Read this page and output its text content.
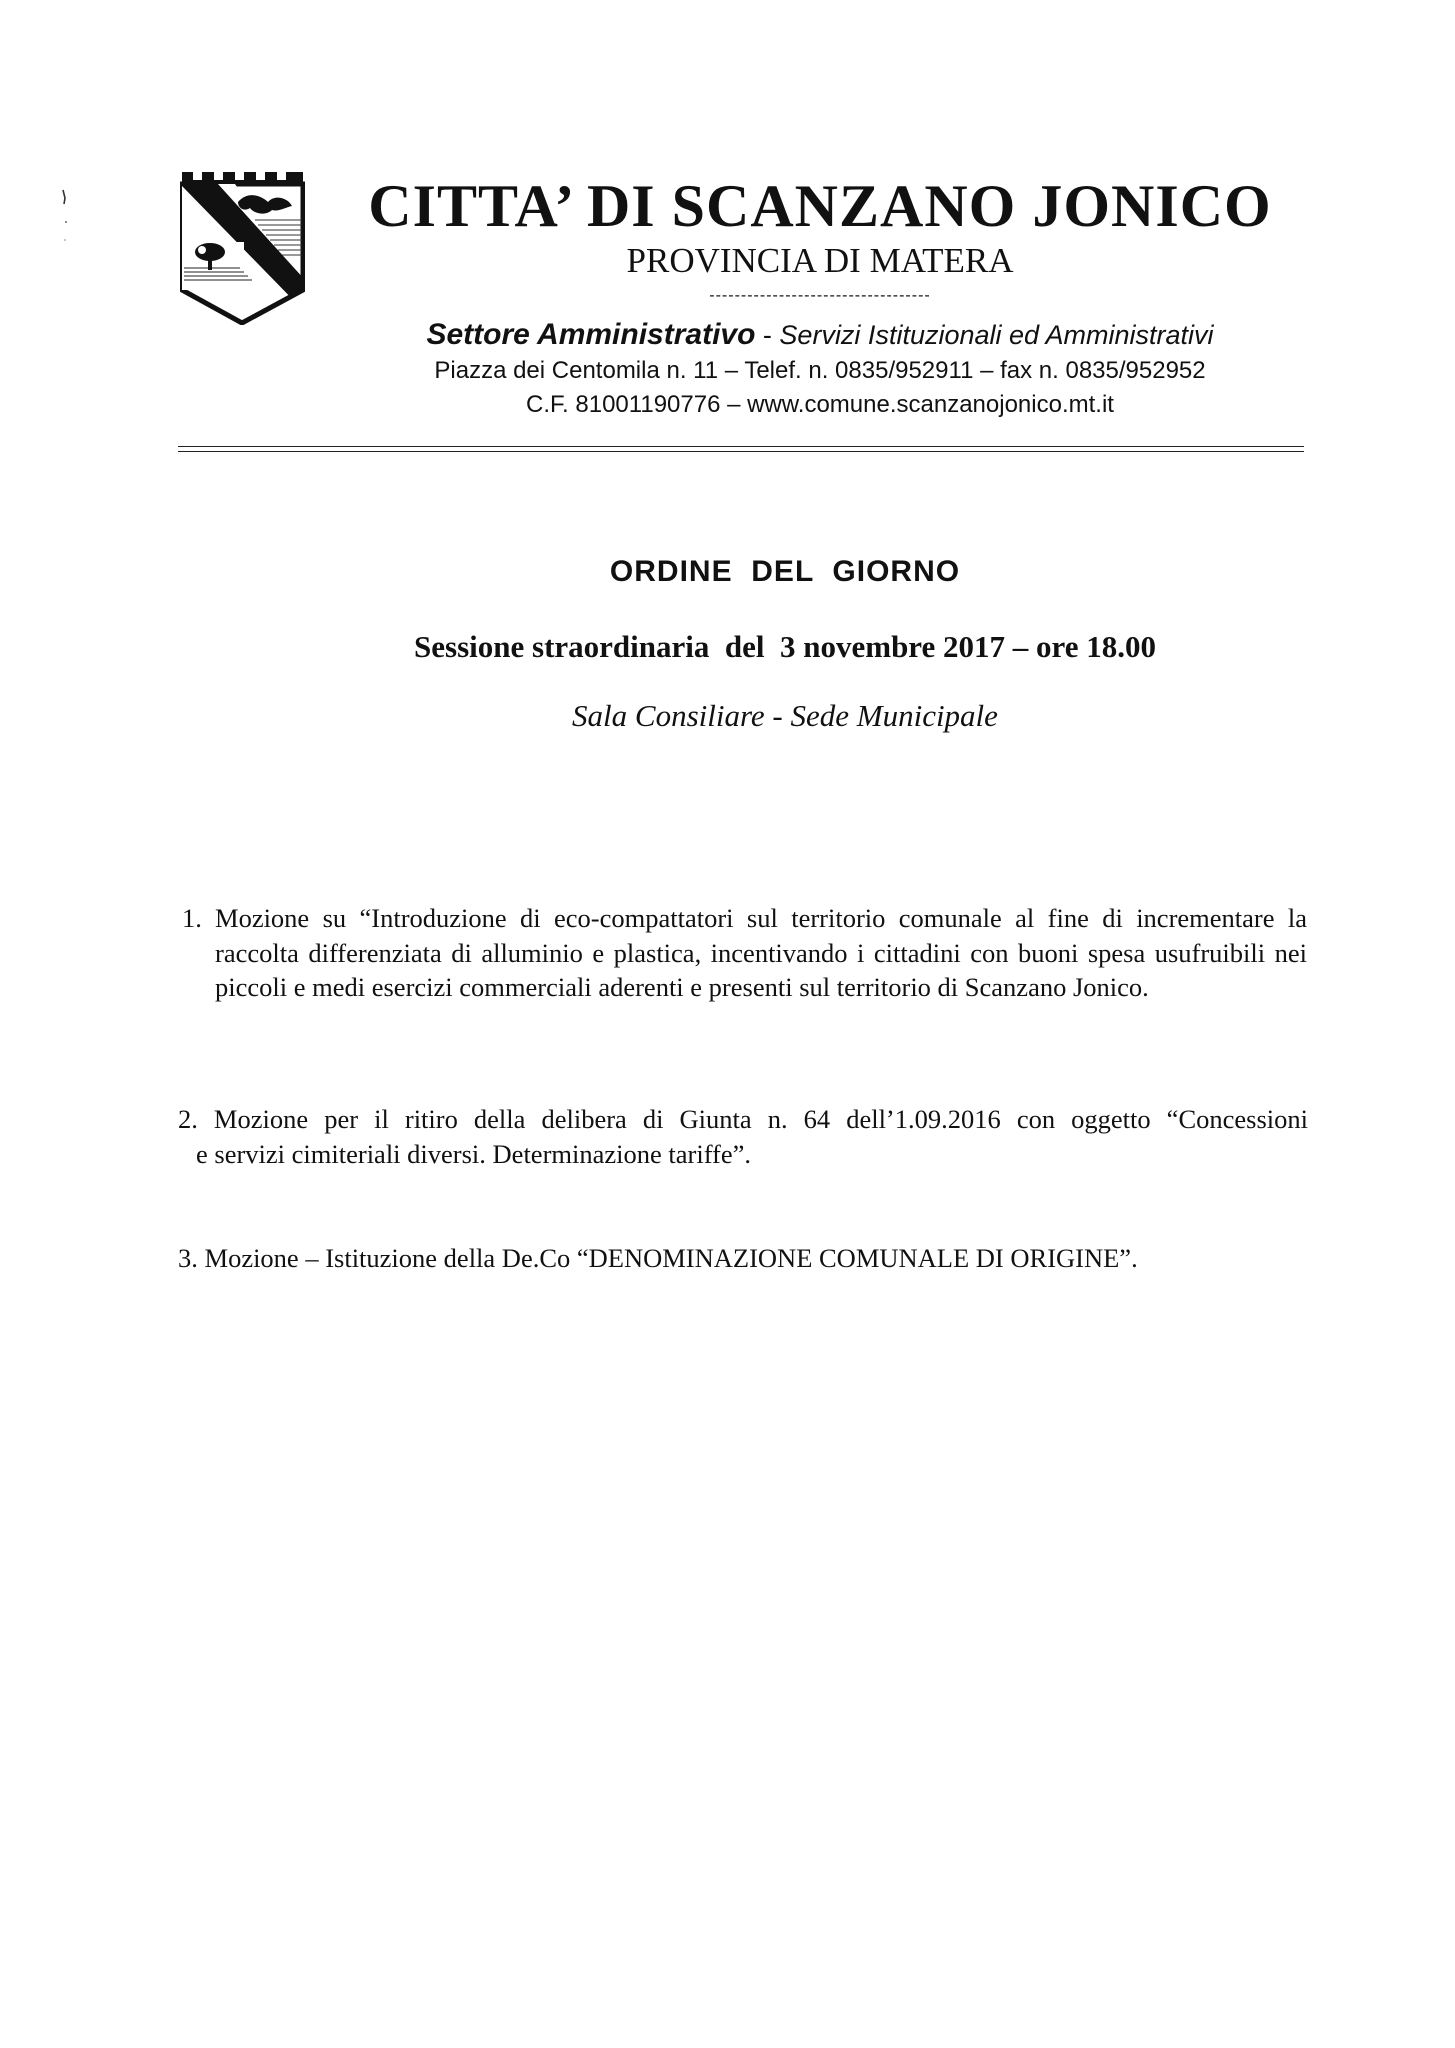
CITTA’ DI SCANZANO JONICO
PROVINCIA DI MATERA
-----------------------------------
Settore Amministrativo - Servizi Istituzionali ed Amministrativi
Piazza dei Centomila n. 11 – Telef. n. 0835/952911 – fax n. 0835/952952
C.F. 81001190776 – www.comune.scanzanojonico.mt.it
ORDINE  DEL  GIORNO
Sessione straordinaria  del  3 novembre 2017 – ore 18.00
Sala Consiliare - Sede Municipale
1. Mozione su “Introduzione di eco-compattatori sul territorio comunale al fine di incrementare la raccolta differenziata di alluminio e plastica, incentivando i cittadini con buoni spesa usufruibili nei piccoli e medi esercizi commerciali aderenti e presenti sul territorio di Scanzano Jonico.
2. Mozione per il ritiro della delibera di Giunta n. 64 dell’1.09.2016 con oggetto “Concessioni
e servizi cimiteriali diversi. Determinazione tariffe”.
3. Mozione – Istituzione della De.Co “DENOMINAZIONE COMUNALE DI ORIGINE”.
